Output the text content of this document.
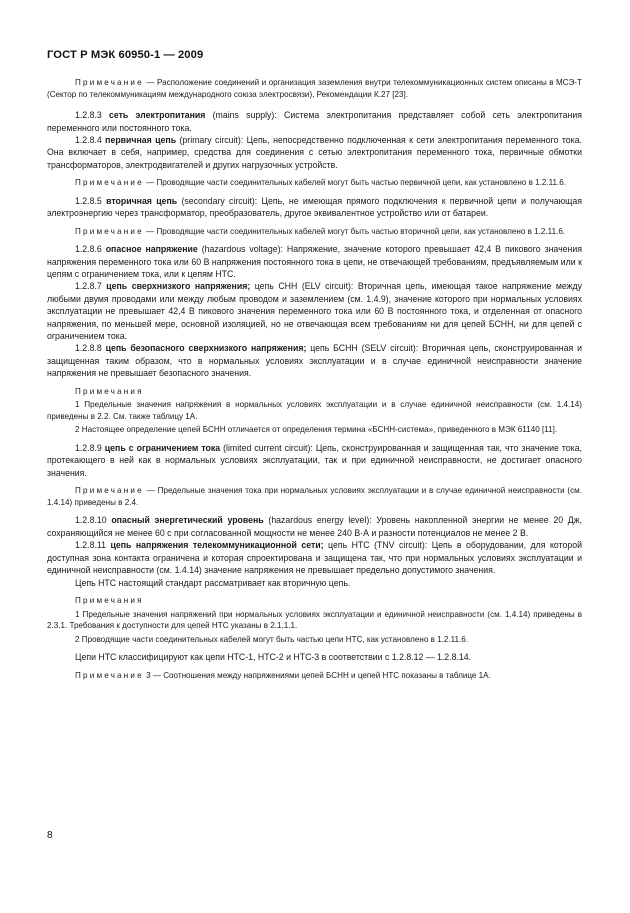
ГОСТ Р МЭК 60950-1 — 2009

Примечание — Расположение соединений и организация заземления внутри телекоммуникационных систем описаны в МСЭ-Т (Сектор по телекоммуникациям международного союза электросвязи), Рекомендации К.27 [23].

1.2.8.3 сеть электропитания (mains supply): Система электропитания представляет собой сеть электропитания переменного или постоянного тока.

1.2.8.4 первичная цепь (primary circuit): Цепь, непосредственно подключенная к сети электропитания переменного тока. Она включает в себя, например, средства для соединения с сетью электропитания переменного тока, первичные обмотки трансформаторов, электродвигателей и других нагрузочных устройств.

Примечание — Проводящие части соединительных кабелей могут быть частью первичной цепи, как установлено в 1.2.11.6.

1.2.8.5 вторичная цепь (secondary circuit): Цепь, не имеющая прямого подключения к первичной цепи и получающая электроэнергию через трансформатор, преобразователь, другое эквивалентное устройство или от батареи.

Примечание — Проводящие части соединительных кабелей могут быть частью вторичной цепи, как установлено в 1.2.11.6.

1.2.8.6 опасное напряжение (hazardous voltage): Напряжение, значение которого превышает 42,4 В пикового значения напряжения переменного тока или 60 В напряжения постоянного тока в цепи, не отвечающей требованиям, предъявляемым или к цепям с ограничением тока, или к цепям НТС.

1.2.8.7 цепь сверхнизкого напряжения; цепь СНН (ELV circuit): Вторичная цепь, имеющая такое напряжение между любыми двумя проводами или между любым проводом и заземлением (см. 1.4.9), значение которого при нормальных условиях эксплуатации не превышает 42,4 В пикового значения переменного тока или 60 В постоянного тока, и отделенная от опасного напряжения, по меньшей мере, основной изоляцией, но не отвечающая всем требованиям ни для цепей БСНН, ни для цепей с ограничением тока.

1.2.8.8 цепь безопасного сверхнизкого напряжения; цепь БСНН (SELV circuit): Вторичная цепь, сконструированная и защищенная таким образом, что в нормальных условиях эксплуатации и в случае единичной неисправности значение напряжения не превышает безопасного значения.

Примечания

1 Предельные значения напряжения в нормальных условиях эксплуатации и в случае единичной неисправности (см. 1.4.14) приведены в 2.2. См. также таблицу 1А.

2 Настоящее определение цепей БСНН отличается от определения термина «БСНН-система», приведенного в МЭК 61140 [11].

1.2.8.9 цепь с ограничением тока (limited current circuit): Цепь, сконструированная и защищенная так, что значение тока, протекающего в ней как в нормальных условиях эксплуатации, так и при единичной неисправности, не достигает опасного значения.

Примечание — Предельные значения тока при нормальных условиях эксплуатации и в случае единичной неисправности (см. 1.4.14) приведены в 2.4.

1.2.8.10 опасный энергетический уровень (hazardous energy level): Уровень накопленной энергии не менее 20 Дж, сохраняющийся не менее 60 с при согласованной мощности не менее 240 В·А и разности потенциалов не менее 2 В.

1.2.8.11 цепь напряжения телекоммуникационной сети; цепь НТС (TNV circuit): Цепь в оборудовании, для которой доступная зона контакта ограничена и которая спроектирована и защищена так, что при нормальных условиях эксплуатации и единичной неисправности (см. 1.4.14) значение напряжения не превышает предельно допустимого значения.

Цепь НТС настоящий стандарт рассматривает как вторичную цепь.

Примечания

1 Предельные значения напряжений при нормальных условиях эксплуатации и единичной неисправности (см. 1.4.14) приведены в 2.3.1. Требования к доступности для цепей НТС указаны в 2.1.1.1.

2 Проводящие части соединительных кабелей могут быть частью цепи НТС, как установлено в 1.2.11.6.

Цепи НТС классифицируют как цепи НТС-1, НТС-2 и НТС-3 в соответствии с 1.2.8.12 — 1.2.8.14.

Примечание 3 — Соотношения между напряжениями цепей БСНН и цепей НТС показаны в таблице 1А.

8
